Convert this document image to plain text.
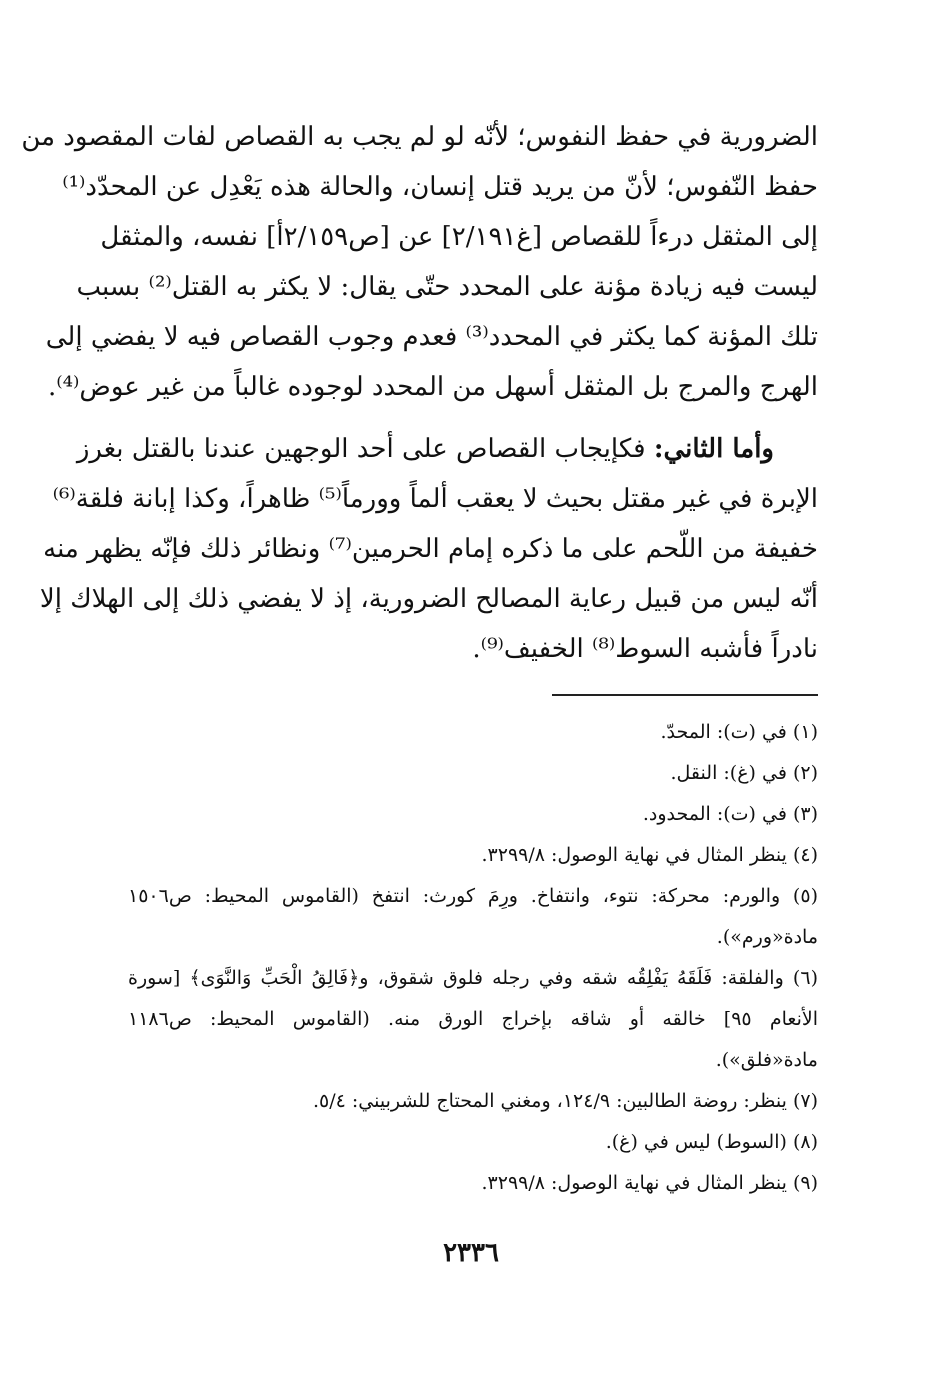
الضرورية في حفظ النفوس؛ لأنّه لو لم يجب به القصاص لفات المقصود من
حفظ النّفوس؛ لأنّ من يريد قتل إنسان، والحالة هذه يَعْدِل عن المحدّد⁽¹⁾
إلى المثقل درءاً للقصاص [غ٢/١٩١] عن [ص٢/١٥٩أ] نفسه، والمثقل
ليست فيه زيادة مؤنة على المحدد حتّى يقال: لا يكثر به القتل⁽²⁾ بسبب
تلك المؤنة كما يكثر في المحدد⁽³⁾ فعدم وجوب القصاص فيه لا يفضي إلى
الهرج والمرج بل المثقل أسهل من المحدد لوجوده غالباً من غير عوض⁽⁴⁾.
وأما الثاني: فكإيجاب القصاص على أحد الوجهين عندنا بالقتل بغرز
الإبرة في غير مقتل بحيث لا يعقب ألماً وورماً⁽⁵⁾ ظاهراً، وكذا إبانة فلقة⁽⁶⁾
خفيفة من اللّحم على ما ذكره إمام الحرمين⁽⁷⁾ ونظائر ذلك فإنّه يظهر منه
أنّه ليس من قبيل رعاية المصالح الضرورية، إذ لا يفضي ذلك إلى الهلاك إلا
نادراً فأشبه السوط⁽⁸⁾ الخفيف⁽⁹⁾.
(١) في (ت): المحدّ.
(٢) في (غ): النقل.
(٣) في (ت): المحدود.
(٤) ينظر المثال في نهاية الوصول: ٣٢٩٩/٨.
(٥) والورم: محركة: نتوء، وانتفاخ. ورِمَ كورث: انتفخ (القاموس المحيط: ص١٥٠٦
مادة«ورم»).
(٦) والفلقة: فَلَقَهُ يَفْلِقُه شقه وفي رجله فلوق شقوق، و﴿فَالِقُ الْحَبِّ وَالنَّوَى﴾ [سورة
الأنعام ٩٥] خالقه أو شاقه بإخراج الورق منه. (القاموس المحيط: ص١١٨٦
مادة«فلق»).
(٧) ينظر: روضة الطالبين: ١٢٤/٩، ومغني المحتاج للشربيني: ٥/٤.
(٨) (السوط) ليس في (غ).
(٩) ينظر المثال في نهاية الوصول: ٣٢٩٩/٨.
٢٣٣٦
